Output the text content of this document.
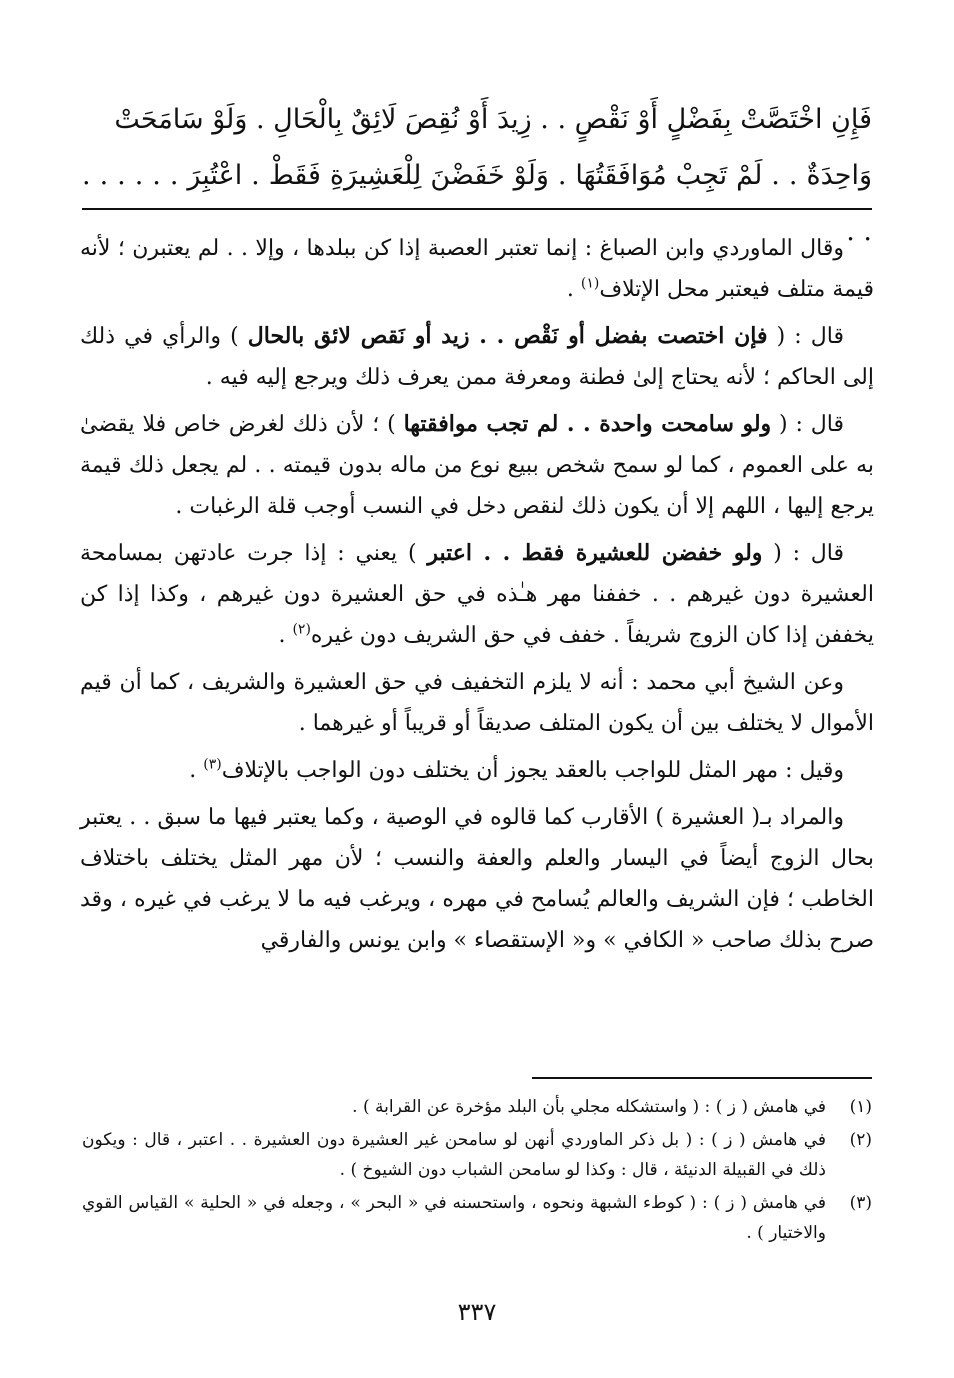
فَإِنِ اخْتَصَّتْ بِفَضْلٍ أَوْ نَقْصٍ . . زِيدَ أَوْ نُقِصَ لَائِقٌ بِالْحَالِ . وَلَوْ سَامَحَتْ

وَاحِدَةٌ . . لَمْ تَجِبْ مُوَافَقَتُهَا . وَلَوْ خَفَضْنَ لِلْعَشِيرَةِ فَقَطْ . اعْتُبِرَ . . . . . . . .

وقال الماوردي وابن الصباغ : إنما تعتبر العصبة إذا كن ببلدها ، وإلا . . لم يعتبرن ؛ لأنه قيمة متلف فيعتبر محل الإتلاف$^{(١)}$ .

قال : ( فإن اختصت بفضل أو نَقْص . . زيد أو نَقص لائق بالحال ) والرأي في ذلك إلى الحاكم ؛ لأنه يحتاج إلىٰ فطنة ومعرفة ممن يعرف ذلك ويرجع إليه فيه .

قال : ( ولو سامحت واحدة . . لم تجب موافقتها ) ؛ لأن ذلك لغرض خاص فلا يقضىٰ به على العموم ، كما لو سمح شخص ببيع نوع من ماله بدون قيمته . . لم يجعل ذلك قيمة يرجع إليها ، اللهم إلا أن يكون ذلك لنقص دخل في النسب أوجب قلة الرغبات .

قال : ( ولو خفضن للعشيرة فقط . . اعتبر ) يعني : إذا جرت عادتهن بمسامحة العشيرة دون غيرهم . . خففنا مهر هـٰذه في حق العشيرة دون غيرهم ، وكذا إذا كن يخففن إذا كان الزوج شريفاً . خفف في حق الشريف دون غيره$^{(٢)}$ .

وعن الشيخ أبي محمد : أنه لا يلزم التخفيف في حق العشيرة والشريف ، كما أن قيم الأموال لا يختلف بين أن يكون المتلف صديقاً أو قريباً أو غيرهما .

وقيل : مهر المثل للواجب بالعقد يجوز أن يختلف دون الواجب بالإتلاف$^{(٣)}$ .

والمراد بـ( العشيرة ) الأقارب كما قالوه في الوصية ، وكما يعتبر فيها ما سبق . . يعتبر بحال الزوج أيضاً في اليسار والعلم والعفة والنسب ؛ لأن مهر المثل يختلف باختلاف الخاطب ؛ فإن الشريف والعالم يُسامح في مهره ، ويرغب فيه ما لا يرغب في غيره ، وقد صرح بذلك صاحب « الكافي » و« الإستقصاء » وابن يونس والفارقي

(١)
في هامش ( ز ) : ( واستشكله مجلي بأن البلد مؤخرة عن القرابة ) .
(٢)
في هامش ( ز ) : ( بل ذكر الماوردي أنهن لو سامحن غير العشيرة دون العشيرة . . اعتبر ، قال : ويكون ذلك في القبيلة الدنيئة ، قال : وكذا لو سامحن الشباب دون الشيوخ ) .
(٣)
في هامش ( ز ) : ( كوطء الشبهة ونحوه ، واستحسنه في « البحر » ، وجعله في « الحلية » القياس القوي والاختيار ) .
٣٣٧
